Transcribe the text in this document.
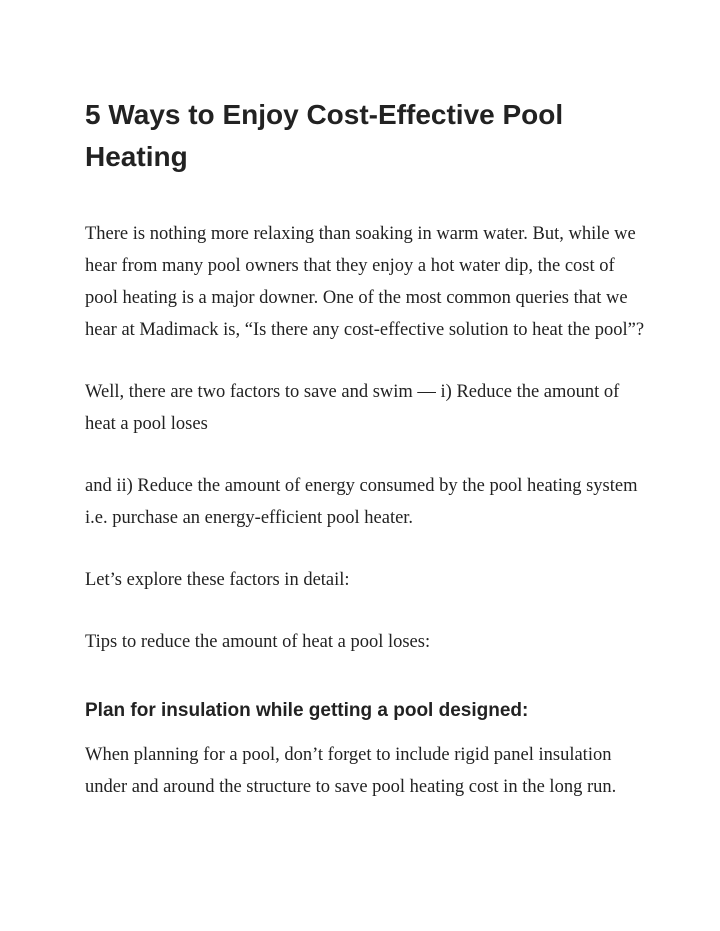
5 Ways to Enjoy Cost-Effective Pool Heating

There is nothing more relaxing than soaking in warm water. But, while we hear from many pool owners that they enjoy a hot water dip, the cost of pool heating is a major downer. One of the most common queries that we hear at Madimack is, “Is there any cost-effective solution to heat the pool”?

Well, there are two factors to save and swim — i) Reduce the amount of heat a pool loses

and ii) Reduce the amount of energy consumed by the pool heating system i.e. purchase an energy-efficient pool heater.

Let’s explore these factors in detail:

Tips to reduce the amount of heat a pool loses:

Plan for insulation while getting a pool designed:

When planning for a pool, don’t forget to include rigid panel insulation under and around the structure to save pool heating cost in the long run.
